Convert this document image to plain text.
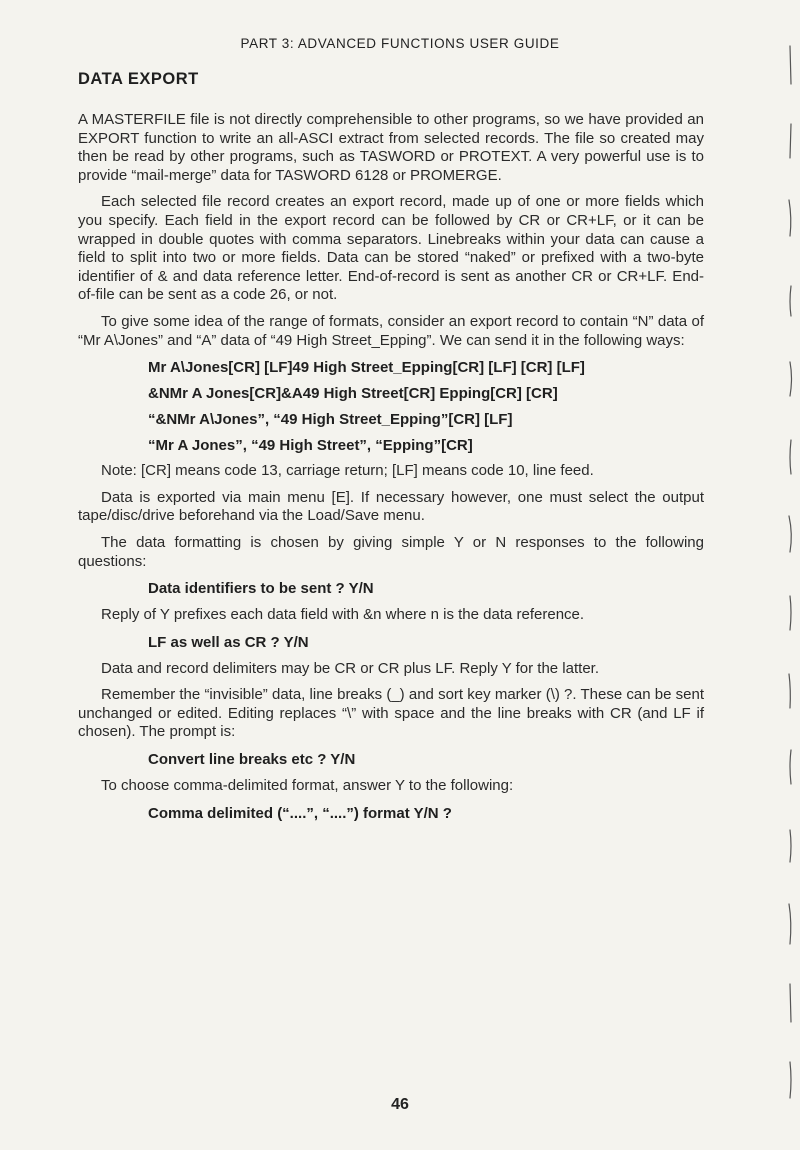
PART 3: ADVANCED FUNCTIONS USER GUIDE
DATA EXPORT

A MASTERFILE file is not directly comprehensible to other programs, so we have provided an EXPORT function to write an all-ASCI extract from selected records. The file so created may then be read by other programs, such as TASWORD or PROTEXT. A very powerful use is to provide “mail-merge” data for TASWORD 6128 or PROMERGE.

Each selected file record creates an export record, made up of one or more fields which you specify. Each field in the export record can be followed by CR or CR+LF, or it can be wrapped in double quotes with comma separators. Linebreaks within your data can cause a field to split into two or more fields. Data can be stored “naked” or prefixed with a two-byte identifier of & and data reference letter. End-of-record is sent as another CR or CR+LF. End-of-file can be sent as a code 26, or not.

To give some idea of the range of formats, consider an export record to contain “N” data of “Mr A\Jones” and “A” data of “49 High Street_Epping”. We can send it in the following ways:

Mr A\Jones[CR] [LF]49 High Street_Epping[CR] [LF] [CR] [LF]
&NMr A Jones[CR]&A49 High Street[CR] Epping[CR] [CR]
“&NMr A\Jones”, “49 High Street_Epping”[CR] [LF]
“Mr A Jones”, “49 High Street”, “Epping”[CR]

Note: [CR] means code 13, carriage return; [LF] means code 10, line feed.

Data is exported via main menu [E]. If necessary however, one must select the output tape/disc/drive beforehand via the Load/Save menu.

The data formatting is chosen by giving simple Y or N responses to the following questions:

Data identifiers to be sent ? Y/N

Reply of Y prefixes each data field with &n where n is the data reference.

LF as well as CR ? Y/N

Data and record delimiters may be CR or CR plus LF. Reply Y for the latter.

Remember the “invisible” data, line breaks (_) and sort key marker (\) ?. These can be sent unchanged or edited. Editing replaces “\” with space and the line breaks with CR (and LF if chosen). The prompt is:

Convert line breaks etc ? Y/N

To choose comma-delimited format, answer Y to the following:

Comma delimited (“....”, “....”) format Y/N ?
46
